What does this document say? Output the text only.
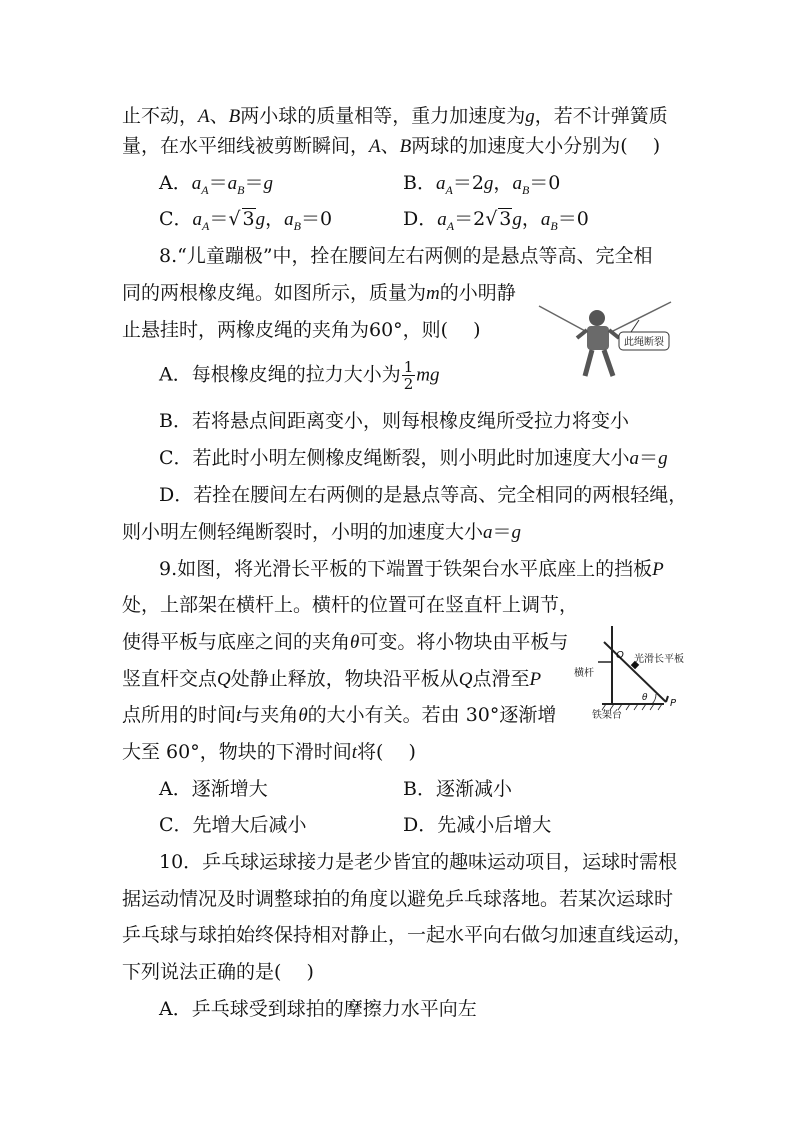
止不动，A、B两小球的质量相等，重力加速度为g，若不计弹簧质
量，在水平细线被剪断瞬间，A、B两球的加速度大小分别为(　 )
A．$a_A=a_B=g$	B．$a_A=2g$，$a_B=0$
C．$a_A=√$ 3g，$a_B=0$	D．$a_A=2√$ 3g，$a_B=0$
8.“儿童蹦极”中，拴在腰间左右两侧的是悬点等高、完全相
同的两根橡皮绳。如图所示，质量为m的小明静
止悬挂时，两橡皮绳的夹角为60°，则(　 )
此绳断裂
A．每根橡皮绳的拉力大小为 $\frac{1}{2}$ mg
B．若将悬点间距离变小，则每根橡皮绳所受拉力将变小
C．若此时小明左侧橡皮绳断裂，则小明此时加速度大小a＝g
D．若拴在腰间左右两侧的是悬点等高、完全相同的两根轻绳，
则小明左侧轻绳断裂时，小明的加速度大小a＝g
9.如图，将光滑长平板的下端置于铁架台水平底座上的挡板P
处，上部架在横杆上。横杆的位置可在竖直杆上调节，
使得平板与底座之间的夹角θ可变。将小物块由平板与
竖直杆交点Q处静止释放，物块沿平板从Q点滑至P
点所用的时间t与夹角θ的大小有关。若由 30°逐渐增
大至 60°，物块的下滑时间t将(　 )
横杆
光滑长平板
铁架台
Q
P
θ
A．逐渐增大	B．逐渐减小
C．先增大后减小	D．先减小后增大
10．乒乓球运球接力是老少皆宜的趣味运动项目，运球时需根
据运动情况及时调整球拍的角度以避免乒乓球落地。若某次运球时
乒乓球与球拍始终保持相对静止，一起水平向右做匀加速直线运动，
下列说法正确的是(　 )
A．乒乓球受到球拍的摩擦力水平向左
